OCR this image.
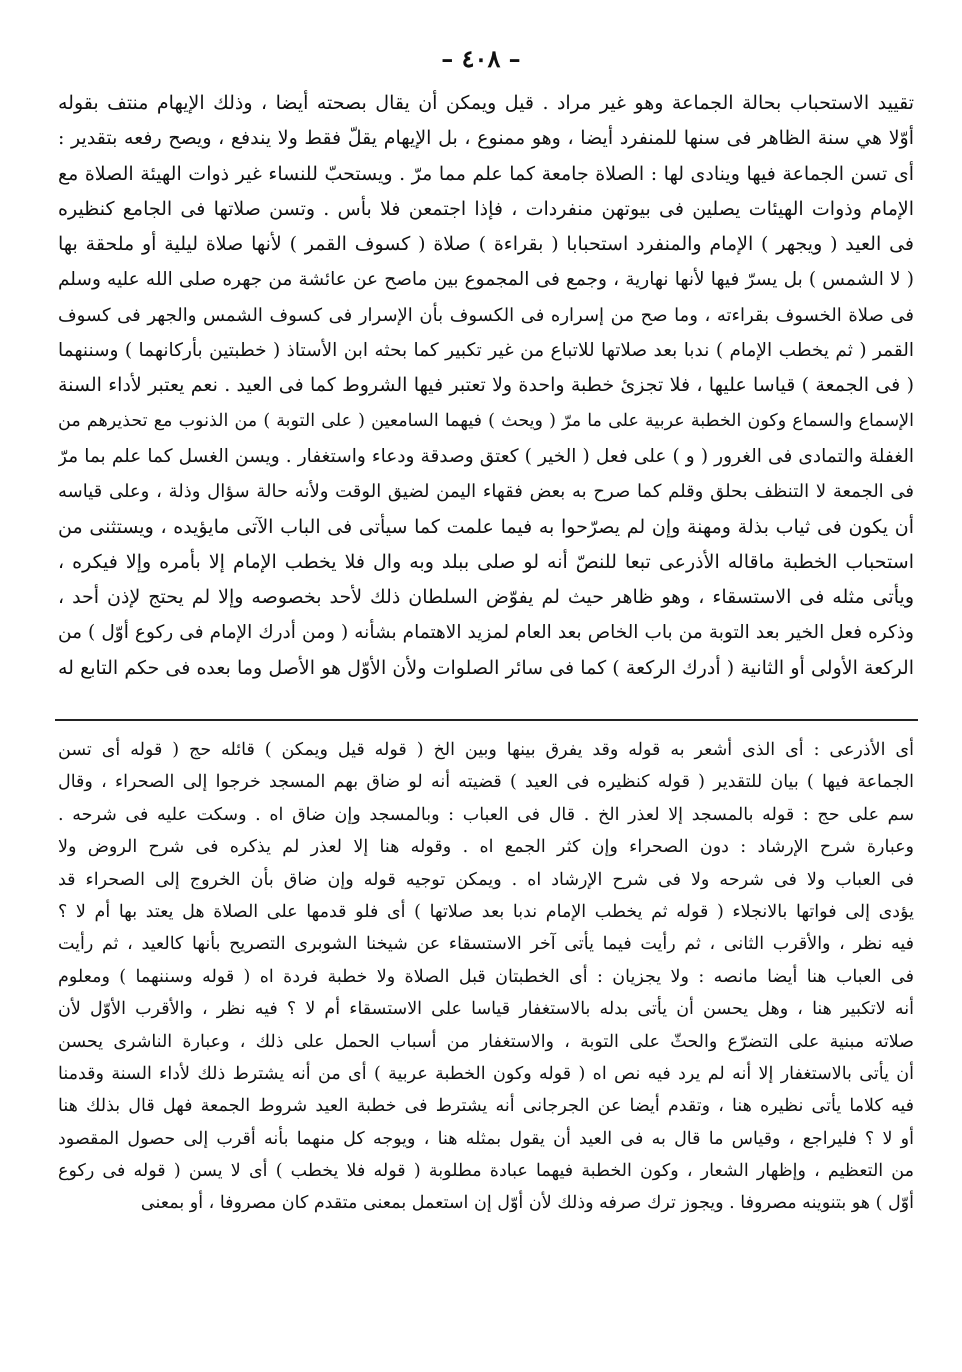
– ٤٠٨ –
تقييد الاستحباب بحالة الجماعة وهو غير مراد . قيل ويمكن أن يقال بصحته أيضا ، وذلك الإيهام منتف بقوله
أوّلا هي سنة الظاهر فى سنها للمنفرد أيضا ، وهو ممنوع ، بل الإيهام يقلّ فقط ولا يندفع ، ويصح رفعه بتقدير :
أى تسن الجماعة فيها وينادى لها : الصلاة جامعة كما علم مما مرّ . ويستحبّ للنساء غير ذوات الهيئة الصلاة مع
الإمام وذوات الهيئات يصلين فى بيوتهن منفردات ، فإذا اجتمعن فلا بأس . وتسن صلاتها فى الجامع كنظيره
فى العيد ( ويجهر ) الإمام والمنفرد استحبابا ( بقراءة ) صلاة ( كسوف القمر ) لأنها صلاة ليلية أو ملحقة بها
( لا الشمس ) بل يسرّ فيها لأنها نهارية ، وجمع فى المجموع بين ماصح عن عائشة من جهره صلى الله عليه وسلم
فى صلاة الخسوف بقراءته ، وما صح من إسراره فى الكسوف بأن الإسرار فى كسوف الشمس والجهر فى كسوف
القمر ( ثم يخطب الإمام ) ندبا بعد صلاتها للاتباع من غير تكبير كما بحثه ابن الأستاذ ( خطبتين بأركانهما ) وسننهما
( فى الجمعة ) قياسا عليها ، فلا تجزئ خطبة واحدة ولا تعتبر فيها الشروط كما فى العيد . نعم يعتبر لأداء السنة
الإسماع والسماع وكون الخطبة عربية على ما مرّ ( ويحث ) فيهما السامعين ( على التوبة ) من الذنوب مع تحذيرهم من
الغفلة والتمادى فى الغرور ( و ) على فعل ( الخير ) كعتق وصدقة ودعاء واستغفار . ويسن الغسل كما علم بما مرّ
فى الجمعة لا التنظف بحلق وقلم كما صرح به بعض فقهاء اليمن لضيق الوقت ولأنه حالة سؤال وذلة ، وعلى قياسه
أن يكون فى ثياب بذلة ومهنة وإن لم يصرّحوا به فيما علمت كما سيأتى فى الباب الآتى مايؤيده ، ويستثنى من
استحباب الخطبة ماقاله الأذرعى تبعا للنصّ أنه لو صلى ببلد وبه وال فلا يخطب الإمام إلا بأمره وإلا فيكره ،
ويأتى مثله فى الاستسقاء ، وهو ظاهر حيث لم يفوّض السلطان ذلك لأحد بخصوصه وإلا لم يحتج لإذن أحد ،
وذكره فعل الخير بعد التوبة من باب الخاص بعد العام لمزيد الاهتمام بشأنه ( ومن أدرك الإمام فى ركوع أوّل ) من
الركعة الأولى أو الثانية ( أدرك الركعة ) كما فى سائر الصلوات ولأن الأوّل هو الأصل وما بعده فى حكم التابع له
أى الأذرعى : أى الذى أشعر به قوله وقد يفرق بينها وبين الخ ( قوله قيل ويمكن ) قائله حج ( قوله أى تسن
الجماعة فيها ) بيان للتقدير ( قوله كنظيره فى العيد ) قضيته أنه لو ضاق بهم المسجد خرجوا إلى الصحراء ، وقال
سم على حج : قوله بالمسجد إلا لعذر الخ . قال فى العباب : وبالمسجد وإن ضاق اه . وسكت عليه فى شرحه .
وعبارة شرح الإرشاد : دون الصحراء وإن كثر الجمع اه . وقوله هنا إلا لعذر لم يذكره فى شرح الروض ولا
فى العباب ولا فى شرحه ولا فى شرح الإرشاد اه . ويمكن توجيه قوله وإن ضاق بأن الخروج إلى الصحراء قد
يؤدى إلى فواتها بالانجلاء ( قوله ثم يخطب الإمام ندبا بعد صلاتها ) أى فلو قدمها على الصلاة هل يعتد بها أم لا ؟
فيه نظر ، والأقرب الثانى ، ثم رأيت فيما يأتى آخر الاستسقاء عن شيخنا الشوبرى التصريح بأنها كالعيد ، ثم رأيت
فى العباب هنا أيضا مانصه : ولا يجزيان : أى الخطبتان قبل الصلاة ولا خطبة فردة اه ( قوله وسننهما ) ومعلوم
أنه لاتكبير هنا ، وهل يحسن أن يأتى بدله بالاستغفار قياسا على الاستسقاء أم لا ؟ فيه نظر ، والأقرب الأوّل لأن
صلاته مبنية على التضرّع والحثّ على التوبة ، والاستغفار من أسباب الحمل على ذلك ، وعبارة الناشرى يحسن
أن يأتى بالاستغفار إلا أنه لم يرد فيه نص اه ( قوله وكون الخطبة عربية ) أى من أنه يشترط ذلك لأداء السنة وقدمنا
فيه كلاما يأتى نظيره هنا ، وتقدم أيضا عن الجرجانى أنه يشترط فى خطبة العيد شروط الجمعة فهل قال بذلك هنا
أو لا ؟ فليراجع ، وقياس ما قال به فى العيد أن يقول بمثله هنا ، ويوجه كل منهما بأنه أقرب إلى حصول المقصود
من التعظيم ، وإظهار الشعار ، وكون الخطبة فيهما عبادة مطلوبة ( قوله فلا يخطب ) أى لا يسن ( قوله فى ركوع
أوّل ) هو بتنوينه مصروفا . ويجوز ترك صرفه وذلك لأن أوّل إن استعمل بمعنى متقدم كان مصروفا ، أو بمعنى
